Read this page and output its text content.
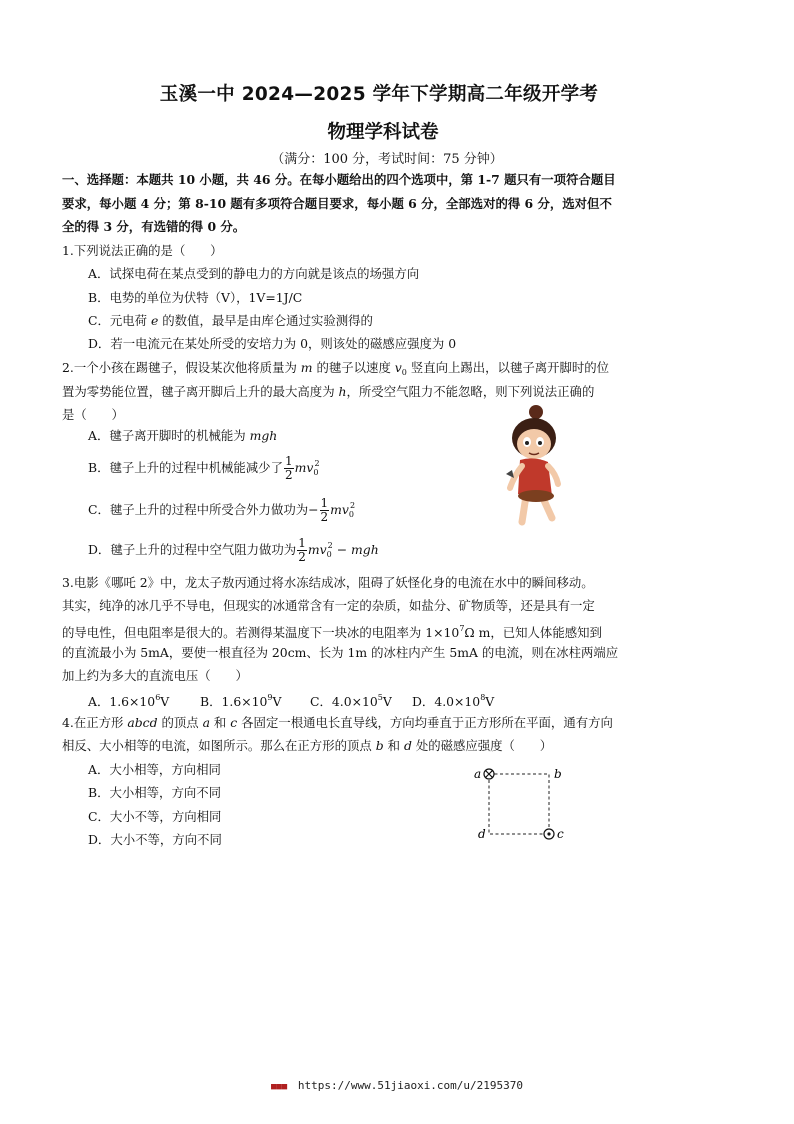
玉溪一中 2024—2025 学年下学期高二年级开学考
物理学科试卷
（满分：100 分，考试时间：75 分钟）
一、选择题：本题共 10 小题，共 46 分。在每小题给出的四个选项中，第 1-7 题只有一项符合题目
要求，每小题 4 分；第 8-10 题有多项符合题目要求，每小题 6 分，全部选对的得 6 分，选对但不
全的得 3 分，有选错的得 0 分。
1.下列说法正确的是（　　）
A．试探电荷在某点受到的静电力的方向就是该点的场强方向
B．电势的单位为伏特（V），1V=1J/C
C．元电荷 e 的数值，最早是由库仑通过实验测得的
D．若一电流元在某处所受的安培力为 0，则该处的磁感应强度为 0
2.一个小孩在踢毽子，假设某次他将质量为 m 的毽子以速度 $v_0$ 竖直向上踢出，以毽子离开脚时的位
置为零势能位置，毽子离开脚后上升的最大高度为 h，所受空气阻力不能忽略，则下列说法正确的
是（　　）
A．毽子离开脚时的机械能为 mgh
B．毽子上升的过程中机械能减少了 $\frac{1}{2} mv_0^2$
C．毽子上升的过程中所受合外力做功为− $\frac{1}{2} mv_0^2$
D．毽子上升的过程中空气阻力做功为 $\frac{1}{2} mv_0^2$ − mgh
3.电影《哪吒 2》中，龙太子敖丙通过将水冻结成冰，阻碍了妖怪化身的电流在水中的瞬间移动。
其实，纯净的冰几乎不导电，但现实的冰通常含有一定的杂质，如盐分、矿物质等，还是具有一定
的导电性，但电阻率是很大的。若测得某温度下一块冰的电阻率为 $1\times 10^7\Omega$ m，已知人体能感知到
的直流最小为 5mA，要使一根直径为 20cm、长为 1m 的冰柱内产生 5mA 的电流，则在冰柱两端应
加上约为多大的直流电压（　　）
A．$1.6\times 10^6V$ B．$1.6\times 10^9V$ C．$4.0\times 10^5V$ D．$4.0\times 10^8V$
4.在正方形 abcd 的顶点 a 和 c 各固定一根通电长直导线，方向均垂直于正方形所在平面，通有方向
相反、大小相等的电流，如图所示。那么在正方形的顶点 b 和 d 处的磁感应强度（　　）
A．大小相等，方向相同
B．大小相等，方向不同
C．大小不等，方向相同
D．大小不等，方向不同
a	b
c
d
■■■ https://www.51jiaoxi.com/u/2195370
